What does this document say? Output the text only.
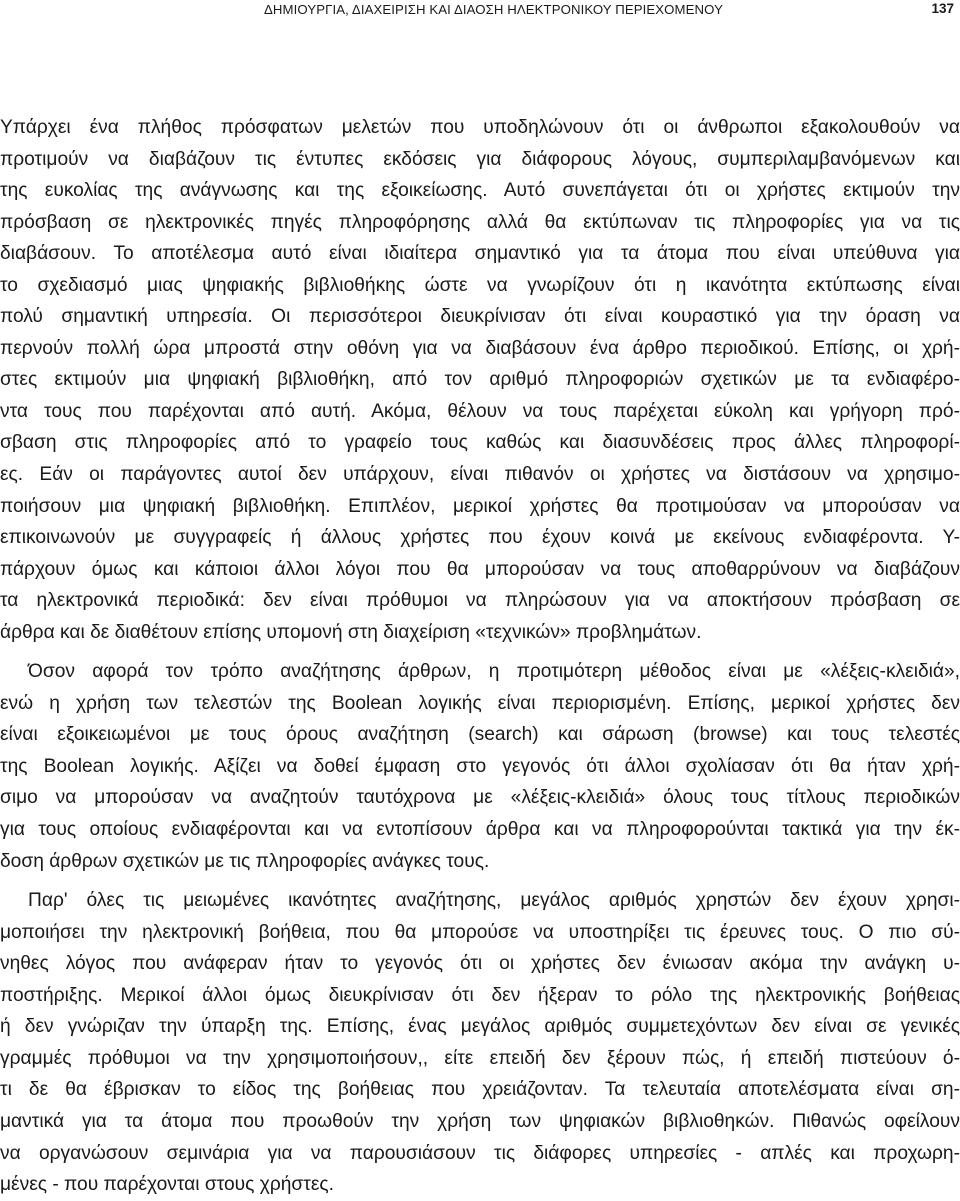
ΔΗΜΙΟΥΡΓΙΑ, ΔΙΑΧΕΙΡΙΣΗ ΚΑΙ ΔΙΑΟΣΗ ΗΛΕΚΤΡΟΝΙΚΟΥ ΠΕΡΙΕΧΟΜΕΝΟΥ	137
Υπάρχει ένα πλήθος πρόσφατων μελετών που υποδηλώνουν ότι οι άνθρωποι εξακολουθούν να
προτιμούν να διαβάζουν τις έντυπες εκδόσεις για διάφορους λόγους, συμπεριλαμβανόμενων και
της ευκολίας της ανάγνωσης και της εξοικείωσης. Αυτό συνεπάγεται ότι οι χρήστες εκτιμούν την
πρόσβαση σε ηλεκτρονικές πηγές πληροφόρησης αλλά θα εκτύπωναν τις πληροφορίες για να τις
διαβάσουν. Το αποτέλεσμα αυτό είναι ιδιαίτερα σημαντικό για τα άτομα που είναι υπεύθυνα για
το σχεδιασμό μιας ψηφιακής βιβλιοθήκης ώστε να γνωρίζουν ότι η ικανότητα εκτύπωσης είναι
πολύ σημαντική υπηρεσία. Οι περισσότεροι διευκρίνισαν ότι είναι κουραστικό για την όραση να
περνούν πολλή ώρα μπροστά στην οθόνη για να διαβάσουν ένα άρθρο περιοδικού. Επίσης, οι χρή-
στες εκτιμούν μια ψηφιακή βιβλιοθήκη, από τον αριθμό πληροφοριών σχετικών με τα ενδιαφέρο-
ντα τους που παρέχονται από αυτή. Ακόμα, θέλουν να τους παρέχεται εύκολη και γρήγορη πρό-
σβαση στις πληροφορίες από το γραφείο τους καθώς και διασυνδέσεις προς άλλες πληροφορί-
ες. Εάν οι παράγοντες αυτοί δεν υπάρχουν, είναι πιθανόν οι χρήστες να διστάσουν να χρησιμο-
ποιήσουν μια ψηφιακή βιβλιοθήκη. Επιπλέον, μερικοί χρήστες θα προτιμούσαν να μπορούσαν να
επικοινωνούν με συγγραφείς ή άλλους χρήστες που έχουν κοινά με εκείνους ενδιαφέροντα. Υ-
πάρχουν όμως και κάποιοι άλλοι λόγοι που θα μπορούσαν να τους αποθαρρύνουν να διαβάζουν
τα ηλεκτρονικά περιοδικά: δεν είναι πρόθυμοι να πληρώσουν για να αποκτήσουν πρόσβαση σε
άρθρα και δε διαθέτουν επίσης υπομονή στη διαχείριση «τεχνικών» προβλημάτων.
Όσον αφορά τον τρόπο αναζήτησης άρθρων, η προτιμότερη μέθοδος είναι με «λέξεις-κλειδιά»,
ενώ η χρήση των τελεστών της Boolean λογικής είναι περιορισμένη. Επίσης, μερικοί χρήστες δεν
είναι εξοικειωμένοι με τους όρους αναζήτηση (search) και σάρωση (browse) και τους τελεστές
της Boolean λογικής. Αξίζει να δοθεί έμφαση στο γεγονός ότι άλλοι σχολίασαν ότι θα ήταν χρή-
σιμο να μπορούσαν να αναζητούν ταυτόχρονα με «λέξεις-κλειδιά» όλους τους τίτλους περιοδικών
για τους οποίους ενδιαφέρονται και να εντοπίσουν άρθρα και να πληροφορούνται τακτικά για την έκ-
δοση άρθρων σχετικών με τις πληροφορίες ανάγκες τους.
Παρ' όλες τις μειωμένες ικανότητες αναζήτησης, μεγάλος αριθμός χρηστών δεν έχουν χρησι-
μοποιήσει την ηλεκτρονική βοήθεια, που θα μπορούσε να υποστηρίξει τις έρευνες τους. Ο πιο σύ-
νηθες λόγος που ανάφεραν ήταν το γεγονός ότι οι χρήστες δεν ένιωσαν ακόμα την ανάγκη υ-
ποστήριξης. Μερικοί άλλοι όμως διευκρίνισαν ότι δεν ήξεραν το ρόλο της ηλεκτρονικής βοήθειας
ή δεν γνώριζαν την ύπαρξη της. Επίσης, ένας μεγάλος αριθμός συμμετεχόντων δεν είναι σε γενικές
γραμμές πρόθυμοι να την χρησιμοποιήσουν,, είτε επειδή δεν ξέρουν πώς, ή επειδή πιστεύουν ό-
τι δε θα έβρισκαν το είδος της βοήθειας που χρειάζονταν. Τα τελευταία αποτελέσματα είναι ση-
μαντικά για τα άτομα που προωθούν την χρήση των ψηφιακών βιβλιοθηκών. Πιθανώς οφείλουν
να οργανώσουν σεμινάρια για να παρουσιάσουν τις διάφορες υπηρεσίες - απλές και προχωρη-
μένες - που παρέχονται στους χρήστες.
